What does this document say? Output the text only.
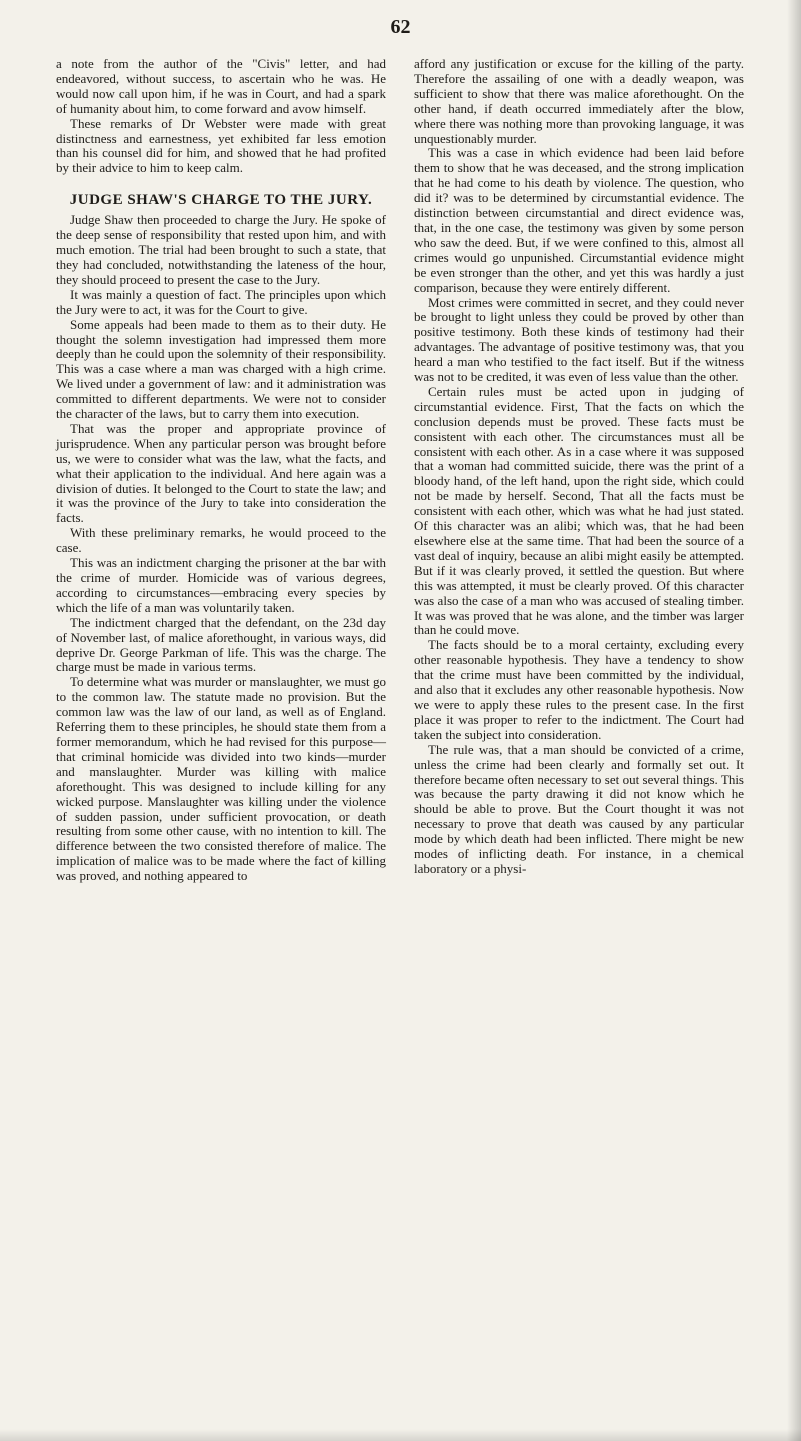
62

a note from the author of the "Civis" letter, and had endeavored, without success, to ascertain who he was. He would now call upon him, if he was in Court, and had a spark of humanity about him, to come forward and avow himself.

These remarks of Dr Webster were made with great distinctness and earnestness, yet exhibited far less emotion than his counsel did for him, and showed that he had profited by their advice to him to keep calm.

JUDGE SHAW'S CHARGE TO THE JURY.

Judge Shaw then proceeded to charge the Jury. He spoke of the deep sense of responsibility that rested upon him, and with much emotion. The trial had been brought to such a state, that they had concluded, notwithstanding the lateness of the hour, they should proceed to present the case to the Jury.

It was mainly a question of fact. The principles upon which the Jury were to act, it was for the Court to give.

Some appeals had been made to them as to their duty. He thought the solemn investigation had impressed them more deeply than he could upon the solemnity of their responsibility. This was a case where a man was charged with a high crime. We lived under a government of law: and it administration was committed to different departments. We were not to consider the character of the laws, but to carry them into execution.

That was the proper and appropriate province of jurisprudence. When any particular person was brought before us, we were to consider what was the law, what the facts, and what their application to the individual. And here again was a division of duties. It belonged to the Court to state the law; and it was the province of the Jury to take into consideration the facts.

With these preliminary remarks, he would proceed to the case.

This was an indictment charging the prisoner at the bar with the crime of murder. Homicide was of various degrees, according to circumstances—embracing every species by which the life of a man was voluntarily taken.

The indictment charged that the defendant, on the 23d day of November last, of malice aforethought, in various ways, did deprive Dr. George Parkman of life. This was the charge. The charge must be made in various terms.

To determine what was murder or manslaughter, we must go to the common law. The statute made no provision. But the common law was the law of our land, as well as of England. Referring them to these principles, he should state them from a former memorandum, which he had revised for this purpose—that criminal homicide was divided into two kinds—murder and manslaughter. Murder was killing with malice aforethought. This was designed to include killing for any wicked purpose. Manslaughter was killing under the violence of sudden passion, under sufficient provocation, or death resulting from some other cause, with no intention to kill. The difference between the two consisted therefore of malice. The implication of malice was to be made where the fact of killing was proved, and nothing appeared to

afford any justification or excuse for the killing of the party. Therefore the assailing of one with a deadly weapon, was sufficient to show that there was malice aforethought. On the other hand, if death occurred immediately after the blow, where there was nothing more than provoking language, it was unquestionably murder.

This was a case in which evidence had been laid before them to show that he was deceased, and the strong implication that he had come to his death by violence. The question, who did it? was to be determined by circumstantial evidence. The distinction between circumstantial and direct evidence was, that, in the one case, the testimony was given by some person who saw the deed. But, if we were confined to this, almost all crimes would go unpunished. Circumstantial evidence might be even stronger than the other, and yet this was hardly a just comparison, because they were entirely different.

Most crimes were committed in secret, and they could never be brought to light unless they could be proved by other than positive testimony. Both these kinds of testimony had their advantages. The advantage of positive testimony was, that you heard a man who testified to the fact itself. But if the witness was not to be credited, it was even of less value than the other.

Certain rules must be acted upon in judging of circumstantial evidence. First, That the facts on which the conclusion depends must be proved. These facts must be consistent with each other. The circumstances must all be consistent with each other. As in a case where it was supposed that a woman had committed suicide, there was the print of a bloody hand, of the left hand, upon the right side, which could not be made by herself. Second, That all the facts must be consistent with each other, which was what he had just stated. Of this character was an alibi; which was, that he had been elsewhere else at the same time. That had been the source of a vast deal of inquiry, because an alibi might easily be attempted. But if it was clearly proved, it settled the question. But where this was attempted, it must be clearly proved. Of this character was also the case of a man who was accused of stealing timber. It was was proved that he was alone, and the timber was larger than he could move.

The facts should be to a moral certainty, excluding every other reasonable hypothesis. They have a tendency to show that the crime must have been committed by the individual, and also that it excludes any other reasonable hypothesis. Now we were to apply these rules to the present case. In the first place it was proper to refer to the indictment. The Court had taken the subject into consideration.

The rule was, that a man should be convicted of a crime, unless the crime had been clearly and formally set out. It therefore became often necessary to set out several things. This was because the party drawing it did not know which he should be able to prove. But the Court thought it was not necessary to prove that death was caused by any particular mode by which death had been inflicted. There might be new modes of inflicting death. For instance, in a chemical laboratory or a physi-
